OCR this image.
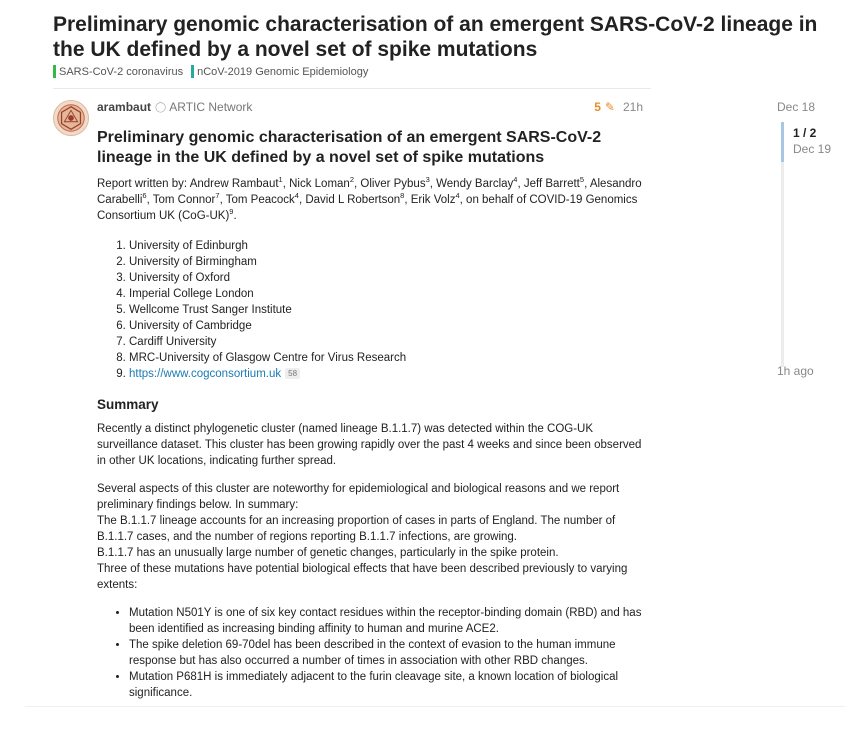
Preliminary genomic characterisation of an emergent SARS-CoV-2 lineage in the UK defined by a novel set of spike mutations
SARS-CoV-2 coronavirus nCoV-2019 Genomic Epidemiology
arambaut ◯ ARTIC Network	5 ✎ 21h
Preliminary genomic characterisation of an emergent SARS-CoV-2 lineage in the UK defined by a novel set of spike mutations
Report written by: Andrew Rambaut$^1$, Nick Loman$^2$, Oliver Pybus$^3$, Wendy Barclay$^4$, Jeff Barrett$^5$, Alesandro Carabelli$^6$, Tom Connor$^7$, Tom Peacock$^4$, David L Robertson$^8$, Erik Volz$^4$, on behalf of COVID-19 Genomics Consortium UK $(CoG-UK)^9$.
1. University of Edinburgh
2. University of Birmingham
3. University of Oxford
4. Imperial College London
5. Wellcome Trust Sanger Institute
6. University of Cambridge
7. Cardiff University
8. MRC-University of Glasgow Centre for Virus Research
9. https://www.cogconsortium.uk 58
Summary

Recently a distinct phylogenetic cluster (named lineage B.1.1.7) was detected within the COG-UK surveillance dataset. This cluster has been growing rapidly over the past 4 weeks and since been observed in other UK locations, indicating further spread.

Several aspects of this cluster are noteworthy for epidemiological and biological reasons and we report preliminary findings below. In summary:
The B.1.1.7 lineage accounts for an increasing proportion of cases in parts of England. The number of B.1.1.7 cases, and the number of regions reporting B.1.1.7 infections, are growing.
B.1.1.7 has an unusually large number of genetic changes, particularly in the spike protein.
Three of these mutations have potential biological effects that have been described previously to varying extents:

• Mutation N501Y is one of six key contact residues within the receptor-binding domain (RBD) and has been identified as increasing binding affinity to human and murine ACE2.
• The spike deletion 69-70del has been described in the context of evasion to the human immune response but has also occurred a number of times in association with other RBD changes.
• Mutation P681H is immediately adjacent to the furin cleavage site, a known location of biological significance.
Dec 18
1 / 2
Dec 19
1h ago
